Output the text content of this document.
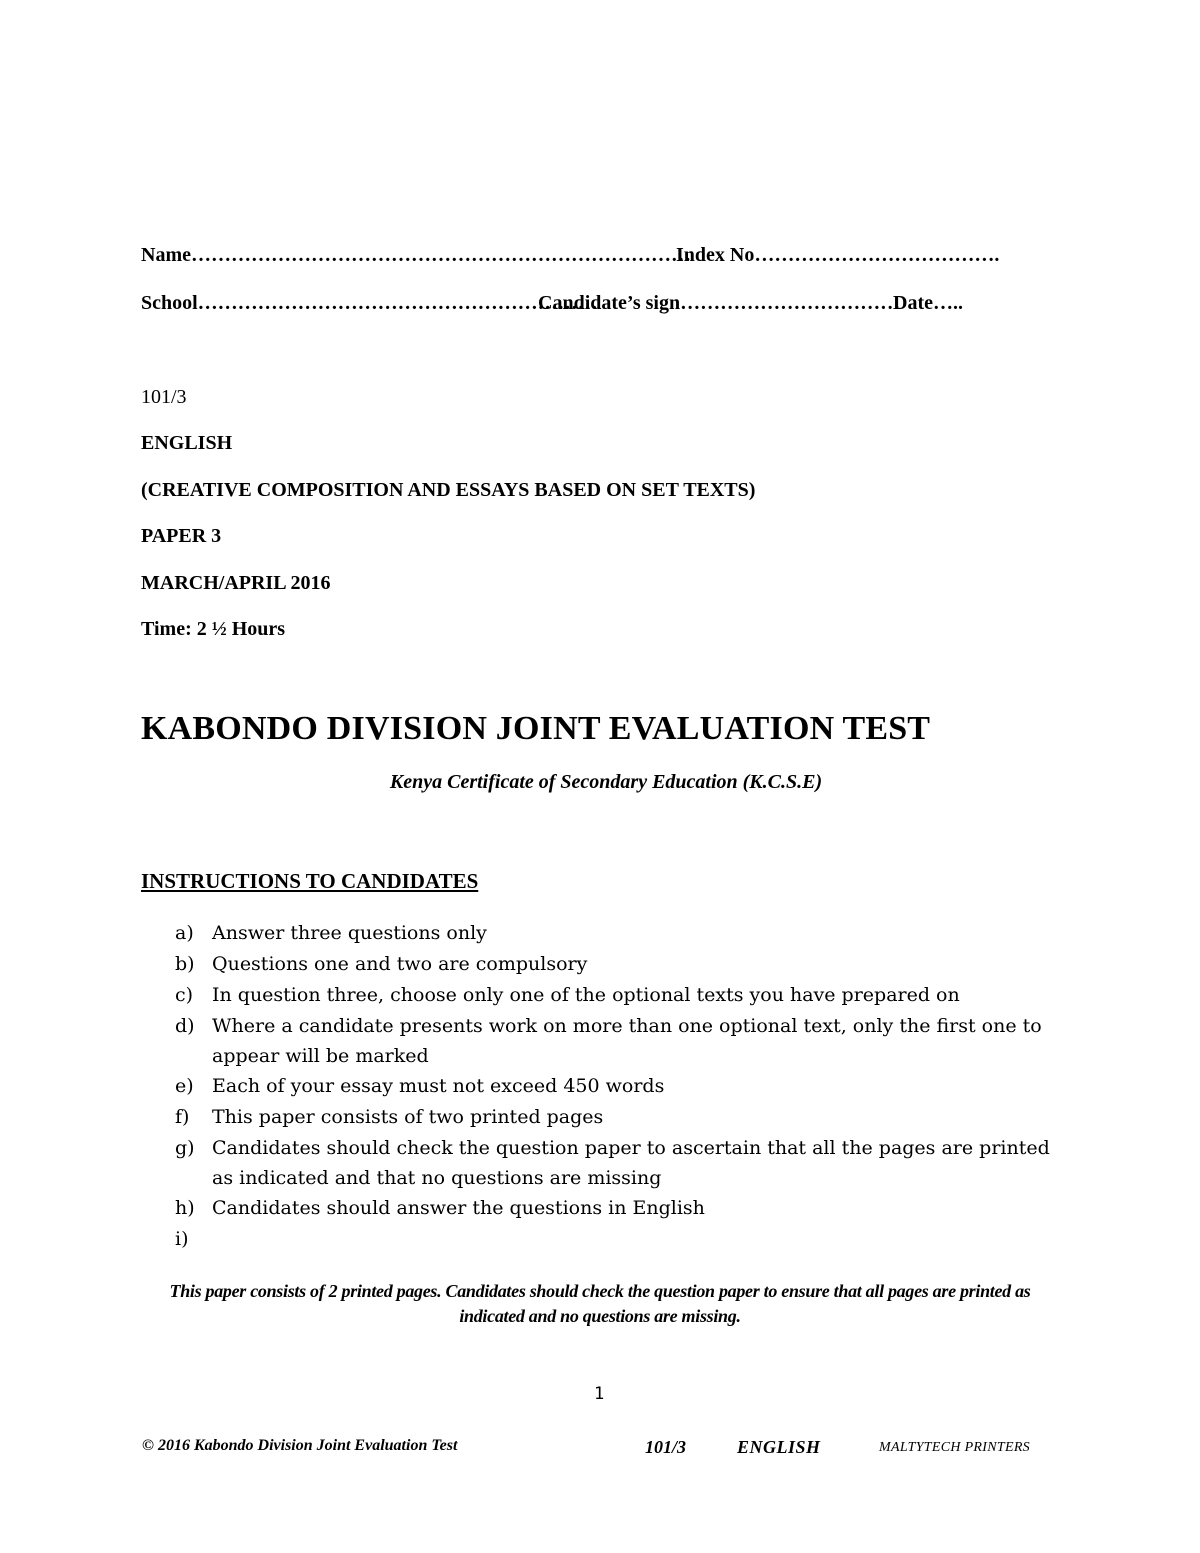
Name…………………………………………………………………
Index No……………………………….
School……………………………………………………
Candidate’s sign……………………………
Date…..
101/3
ENGLISH
(CREATIVE COMPOSITION AND ESSAYS BASED ON SET TEXTS)
PAPER 3
MARCH/APRIL 2016
Time: 2 ½ Hours
KABONDO DIVISION JOINT EVALUATION TEST
Kenya Certificate of Secondary Education (K.C.S.E)
INSTRUCTIONS TO CANDIDATES
a) Answer three questions only
b) Questions one and two are compulsory
c) In question three, choose only one of the optional texts you have prepared on
d) Where a candidate presents work on more than one optional text, only the first one to appear will be marked
e) Each of your essay must not exceed 450 words
f)	This paper consists of two printed pages
g) Candidates should check the question paper to ascertain that all the pages are printed as indicated and that no questions are missing
h) Candidates should answer the questions in English
i)
This paper consists of 2 printed pages. Candidates should check the question paper to ensure that all pages are printed as indicated and no questions are missing.
1
© 2016 Kabondo Division Joint Evaluation Test	101/3	ENGLISH	MALTYTECH PRINTERS
